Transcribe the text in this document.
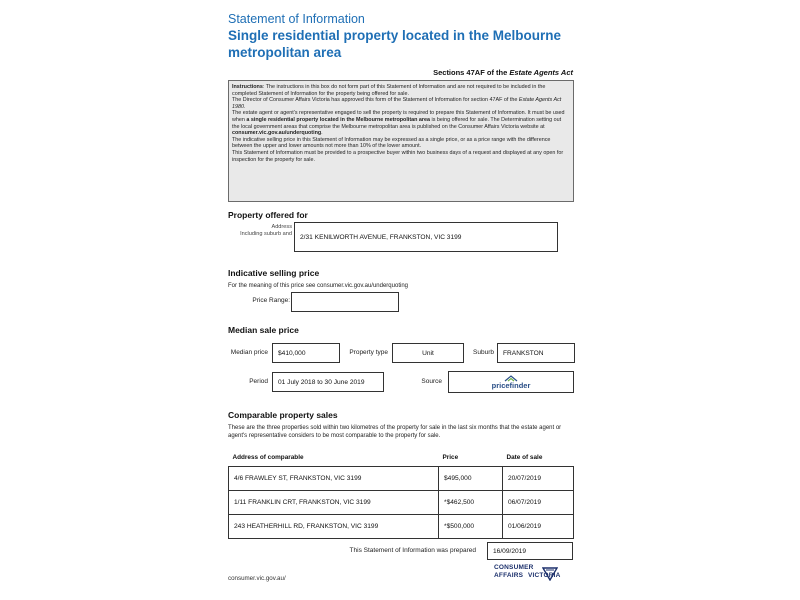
Statement of Information
Single residential property located in the Melbourne metropolitan area
Sections 47AF of the Estate Agents Act
Instructions: The instructions in this box do not form part of this Statement of Information and are not required to be included in the completed Statement of Information for the property being offered for sale.
The Director of Consumer Affairs Victoria has approved this form of the Statement of Information for section 47AF of the Estate Agents Act 1980.
The estate agent or agent’s representative engaged to sell the property is required to prepare this Statement of Information. It must be used when a single residential property located in the Melbourne metropolitan area is being offered for sale. The Determination setting out the local government areas that comprise the Melbourne metropolitan area is published on the Consumer Affairs Victoria website at consumer.vic.gov.au/underquoting.
The indicative selling price in this Statement of Information may be expressed as a single price, or as a price range with the difference between the upper and lower amounts not more than 10% of the lower amount.
This Statement of Information must be provided to a prospective buyer within two business days of a request and displayed at any open for inspection for the property for sale.
Property offered for
Address
Including suburb and	2/31 KENILWORTH AVENUE, FRANKSTON, VIC 3199
Indicative selling price
For the meaning of this price see consumer.vic.gov.au/underquoting
Price Range:
Median sale price
Median price	$410,000	Property type	Unit	Suburb	FRANKSTON
Period	01 July 2018 to 30 June 2019	Source	pricefinder
Comparable property sales
These are the three properties sold within two kilometres of the property for sale in the last six months that the estate agent or agent's representative considers to be most comparable to the property for sale.
Address of comparable	Price	Date of sale
4/6 FRAWLEY ST, FRANKSTON, VIC 3199	$495,000	20/07/2019
1/11 FRANKLIN CRT, FRANKSTON, VIC 3199	*$462,500	06/07/2019
243 HEATHERHILL RD, FRANKSTON, VIC 3199	*$500,000	01/06/2019
This Statement of Information was prepared	16/09/2019
consumer.vic.gov.au/
CONSUMER
AFFAIRS VICTORIA
